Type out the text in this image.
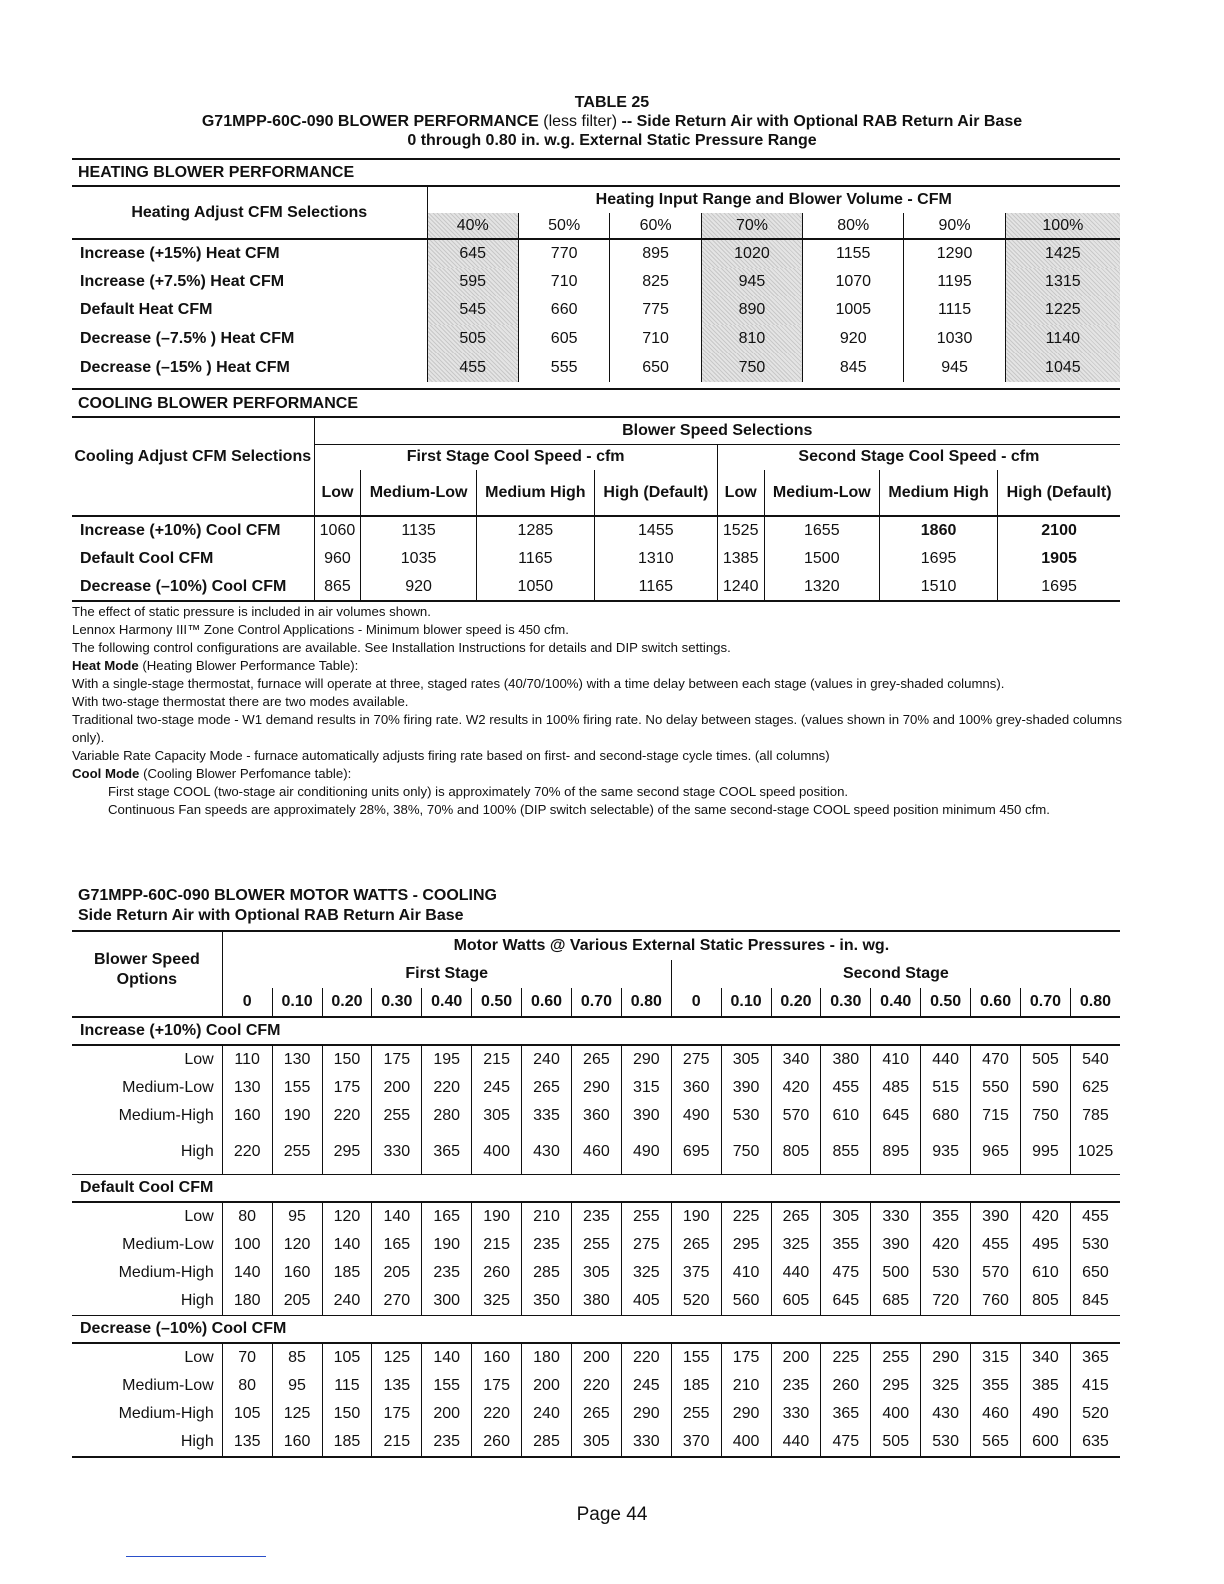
TABLE 25
G71MPP-60C-090 BLOWER PERFORMANCE (less filter) -- Side Return Air with Optional RAB Return Air Base
0 through 0.80 in. w.g. External Static Pressure Range
HEATING BLOWER PERFORMANCE
Heating Adjust CFM Selections	Heating Input Range and Blower Volume - CFM						
	40%	50%	60%	70%	80%	90%	100%
Increase (+15%) Heat CFM	645	770	895	1020	1155	1290	1425
Increase (+7.5%) Heat CFM	595	710	825	945	1070	1195	1315
Default Heat CFM	545	660	775	890	1005	1115	1225
Decrease (–7.5% ) Heat CFM	505	605	710	810	920	1030	1140
Decrease (–15% ) Heat CFM	455	555	650	750	845	945	1045
COOLING BLOWER PERFORMANCE
Cooling Adjust CFM Selections	Blower Speed Selections							
	First Stage Cool Speed - cfm				Second Stage Cool Speed - cfm			
	Low	Medium-Low	Medium High	High (Default)	Low	Medium-Low	Medium High	High (Default)
Increase (+10%) Cool CFM	1060	1135	1285	1455	1525	1655	1860	2100
Default Cool CFM	960	1035	1165	1310	1385	1500	1695	1905
Decrease (–10%) Cool CFM	865	920	1050	1165	1240	1320	1510	1695

The effect of static pressure is included in air volumes shown.

Lennox Harmony III™ Zone Control Applications - Minimum blower speed is 450 cfm.

The following control configurations are available. See Installation Instructions for details and DIP switch settings.

Heat Mode (Heating Blower Performance Table):

With a single-stage thermostat, furnace will operate at three, staged rates (40/70/100%) with a time delay between each stage (values in grey-shaded columns).

With two-stage thermostat there are two modes available.

Traditional two-stage mode - W1 demand results in 70% firing rate. W2 results in 100% firing rate. No delay between stages. (values shown in 70% and 100% grey-shaded columns only).

Variable Rate Capacity Mode - furnace automatically adjusts firing rate based on first- and second-stage cycle times. (all columns)

Cool Mode (Cooling Blower Perfomance table):

First stage COOL (two-stage air conditioning units only) is approximately 70% of the same second stage COOL speed position.

Continuous Fan speeds are approximately 28%, 38%, 70% and 100% (DIP switch selectable) of the same second-stage COOL speed position minimum 450 cfm.

G71MPP-60C-090 BLOWER MOTOR WATTS - COOLING
Side Return Air with Optional RAB Return Air Base
Blower Speed Options	Motor Watts @ Various External Static Pressures - in. wg.																	
	First Stage									Second Stage								
	0	0.10	0.20	0.30	0.40	0.50	0.60	0.70	0.80	0	0.10	0.20	0.30	0.40	0.50	0.60	0.70	0.80
Increase (+10%) Cool CFM																		
Low	110	130	150	175	195	215	240	265	290	275	305	340	380	410	440	470	505	540
Medium-Low	130	155	175	200	220	245	265	290	315	360	390	420	455	485	515	550	590	625
Medium-High	160	190	220	255	280	305	335	360	390	490	530	570	610	645	680	715	750	785
High	220	255	295	330	365	400	430	460	490	695	750	805	855	895	935	965	995	1025
Default Cool CFM																		
Low	80	95	120	140	165	190	210	235	255	190	225	265	305	330	355	390	420	455
Medium-Low	100	120	140	165	190	215	235	255	275	265	295	325	355	390	420	455	495	530
Medium-High	140	160	185	205	235	260	285	305	325	375	410	440	475	500	530	570	610	650
High	180	205	240	270	300	325	350	380	405	520	560	605	645	685	720	760	805	845
Decrease (–10%) Cool CFM																		
Low	70	85	105	125	140	160	180	200	220	155	175	200	225	255	290	315	340	365
Medium-Low	80	95	115	135	155	175	200	220	245	185	210	235	260	295	325	355	385	415
Medium-High	105	125	150	175	200	220	240	265	290	255	290	330	365	400	430	460	490	520
High	135	160	185	215	235	260	285	305	330	370	400	440	475	505	530	565	600	635
Page 44
